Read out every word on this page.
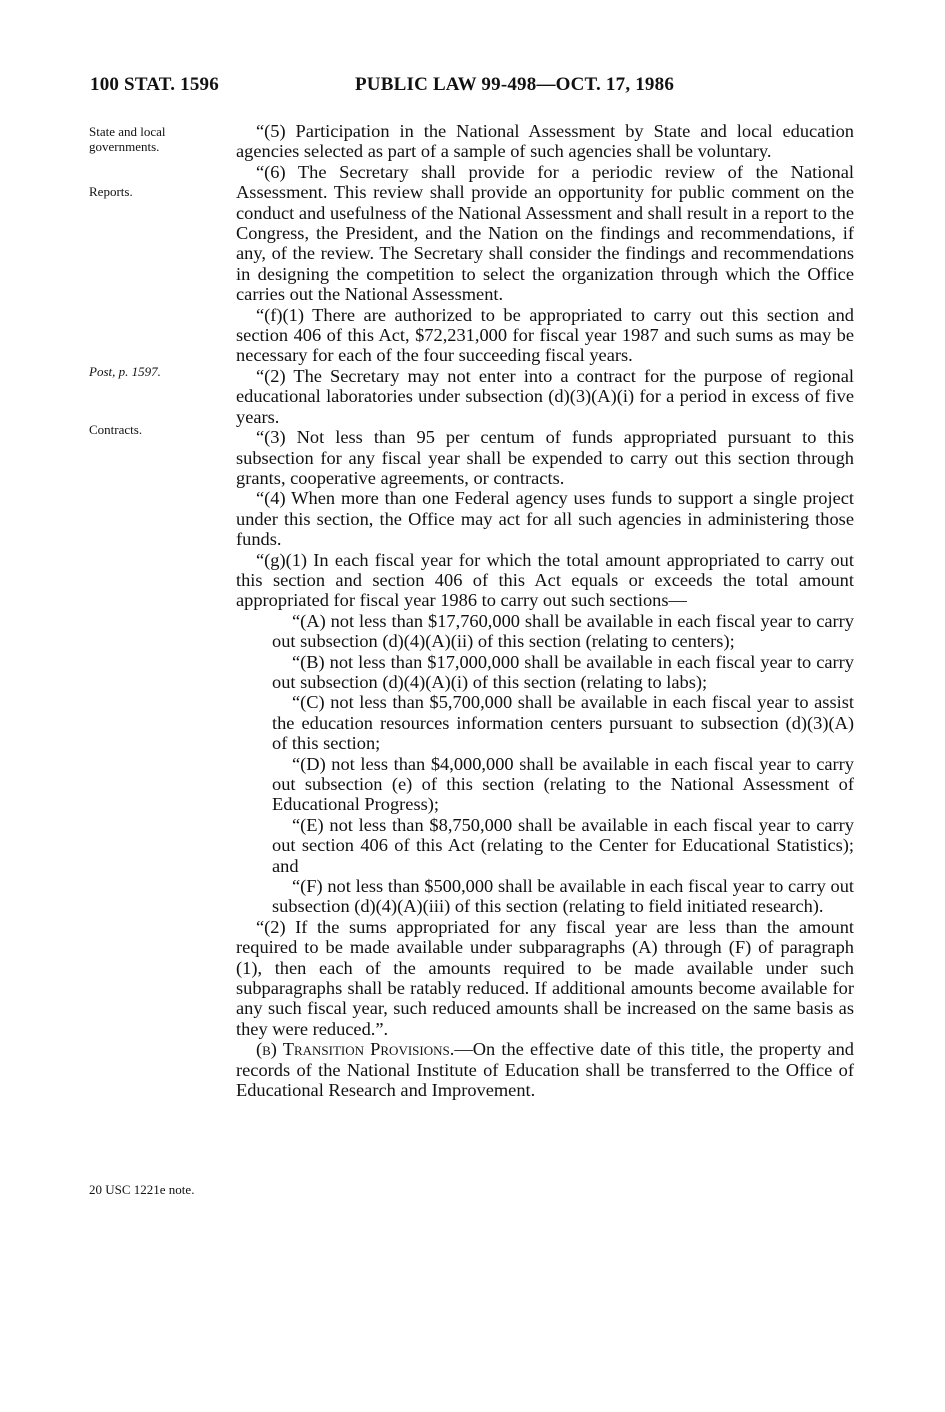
100 STAT. 1596	PUBLIC LAW 99-498—OCT. 17, 1986
State and local governments.
Reports.
Post, p. 1597.
Contracts.
20 USC 1221e note.

“(5) Participation in the National Assessment by State and local education agencies selected as part of a sample of such agencies shall be voluntary.

“(6) The Secretary shall provide for a periodic review of the National Assessment. This review shall provide an opportunity for public comment on the conduct and usefulness of the National Assessment and shall result in a report to the Congress, the President, and the Nation on the findings and recommendations, if any, of the review. The Secretary shall consider the findings and recommendations in designing the competition to select the organization through which the Office carries out the National Assessment.

“(f)(1) There are authorized to be appropriated to carry out this section and section 406 of this Act, $72,231,000 for fiscal year 1987 and such sums as may be necessary for each of the four succeeding fiscal years.

“(2) The Secretary may not enter into a contract for the purpose of regional educational laboratories under subsection (d)(3)(A)(i) for a period in excess of five years.

“(3) Not less than 95 per centum of funds appropriated pursuant to this subsection for any fiscal year shall be expended to carry out this section through grants, cooperative agreements, or contracts.

“(4) When more than one Federal agency uses funds to support a single project under this section, the Office may act for all such agencies in administering those funds.

“(g)(1) In each fiscal year for which the total amount appropriated to carry out this section and section 406 of this Act equals or exceeds the total amount appropriated for fiscal year 1986 to carry out such sections—

“(A) not less than $17,760,000 shall be available in each fiscal year to carry out subsection (d)(4)(A)(ii) of this section (relating to centers);

“(B) not less than $17,000,000 shall be available in each fiscal year to carry out subsection (d)(4)(A)(i) of this section (relating to labs);

“(C) not less than $5,700,000 shall be available in each fiscal year to assist the education resources information centers pursuant to subsection (d)(3)(A) of this section;

“(D) not less than $4,000,000 shall be available in each fiscal year to carry out subsection (e) of this section (relating to the National Assessment of Educational Progress);

“(E) not less than $8,750,000 shall be available in each fiscal year to carry out section 406 of this Act (relating to the Center for Educational Statistics); and

“(F) not less than $500,000 shall be available in each fiscal year to carry out subsection (d)(4)(A)(iii) of this section (relating to field initiated research).

“(2) If the sums appropriated for any fiscal year are less than the amount required to be made available under subparagraphs (A) through (F) of paragraph (1), then each of the amounts required to be made available under such subparagraphs shall be ratably reduced. If additional amounts become available for any such fiscal year, such reduced amounts shall be increased on the same basis as they were reduced.”.

(b) Transition Provisions.—On the effective date of this title, the property and records of the National Institute of Education shall be transferred to the Office of Educational Research and Improvement.
